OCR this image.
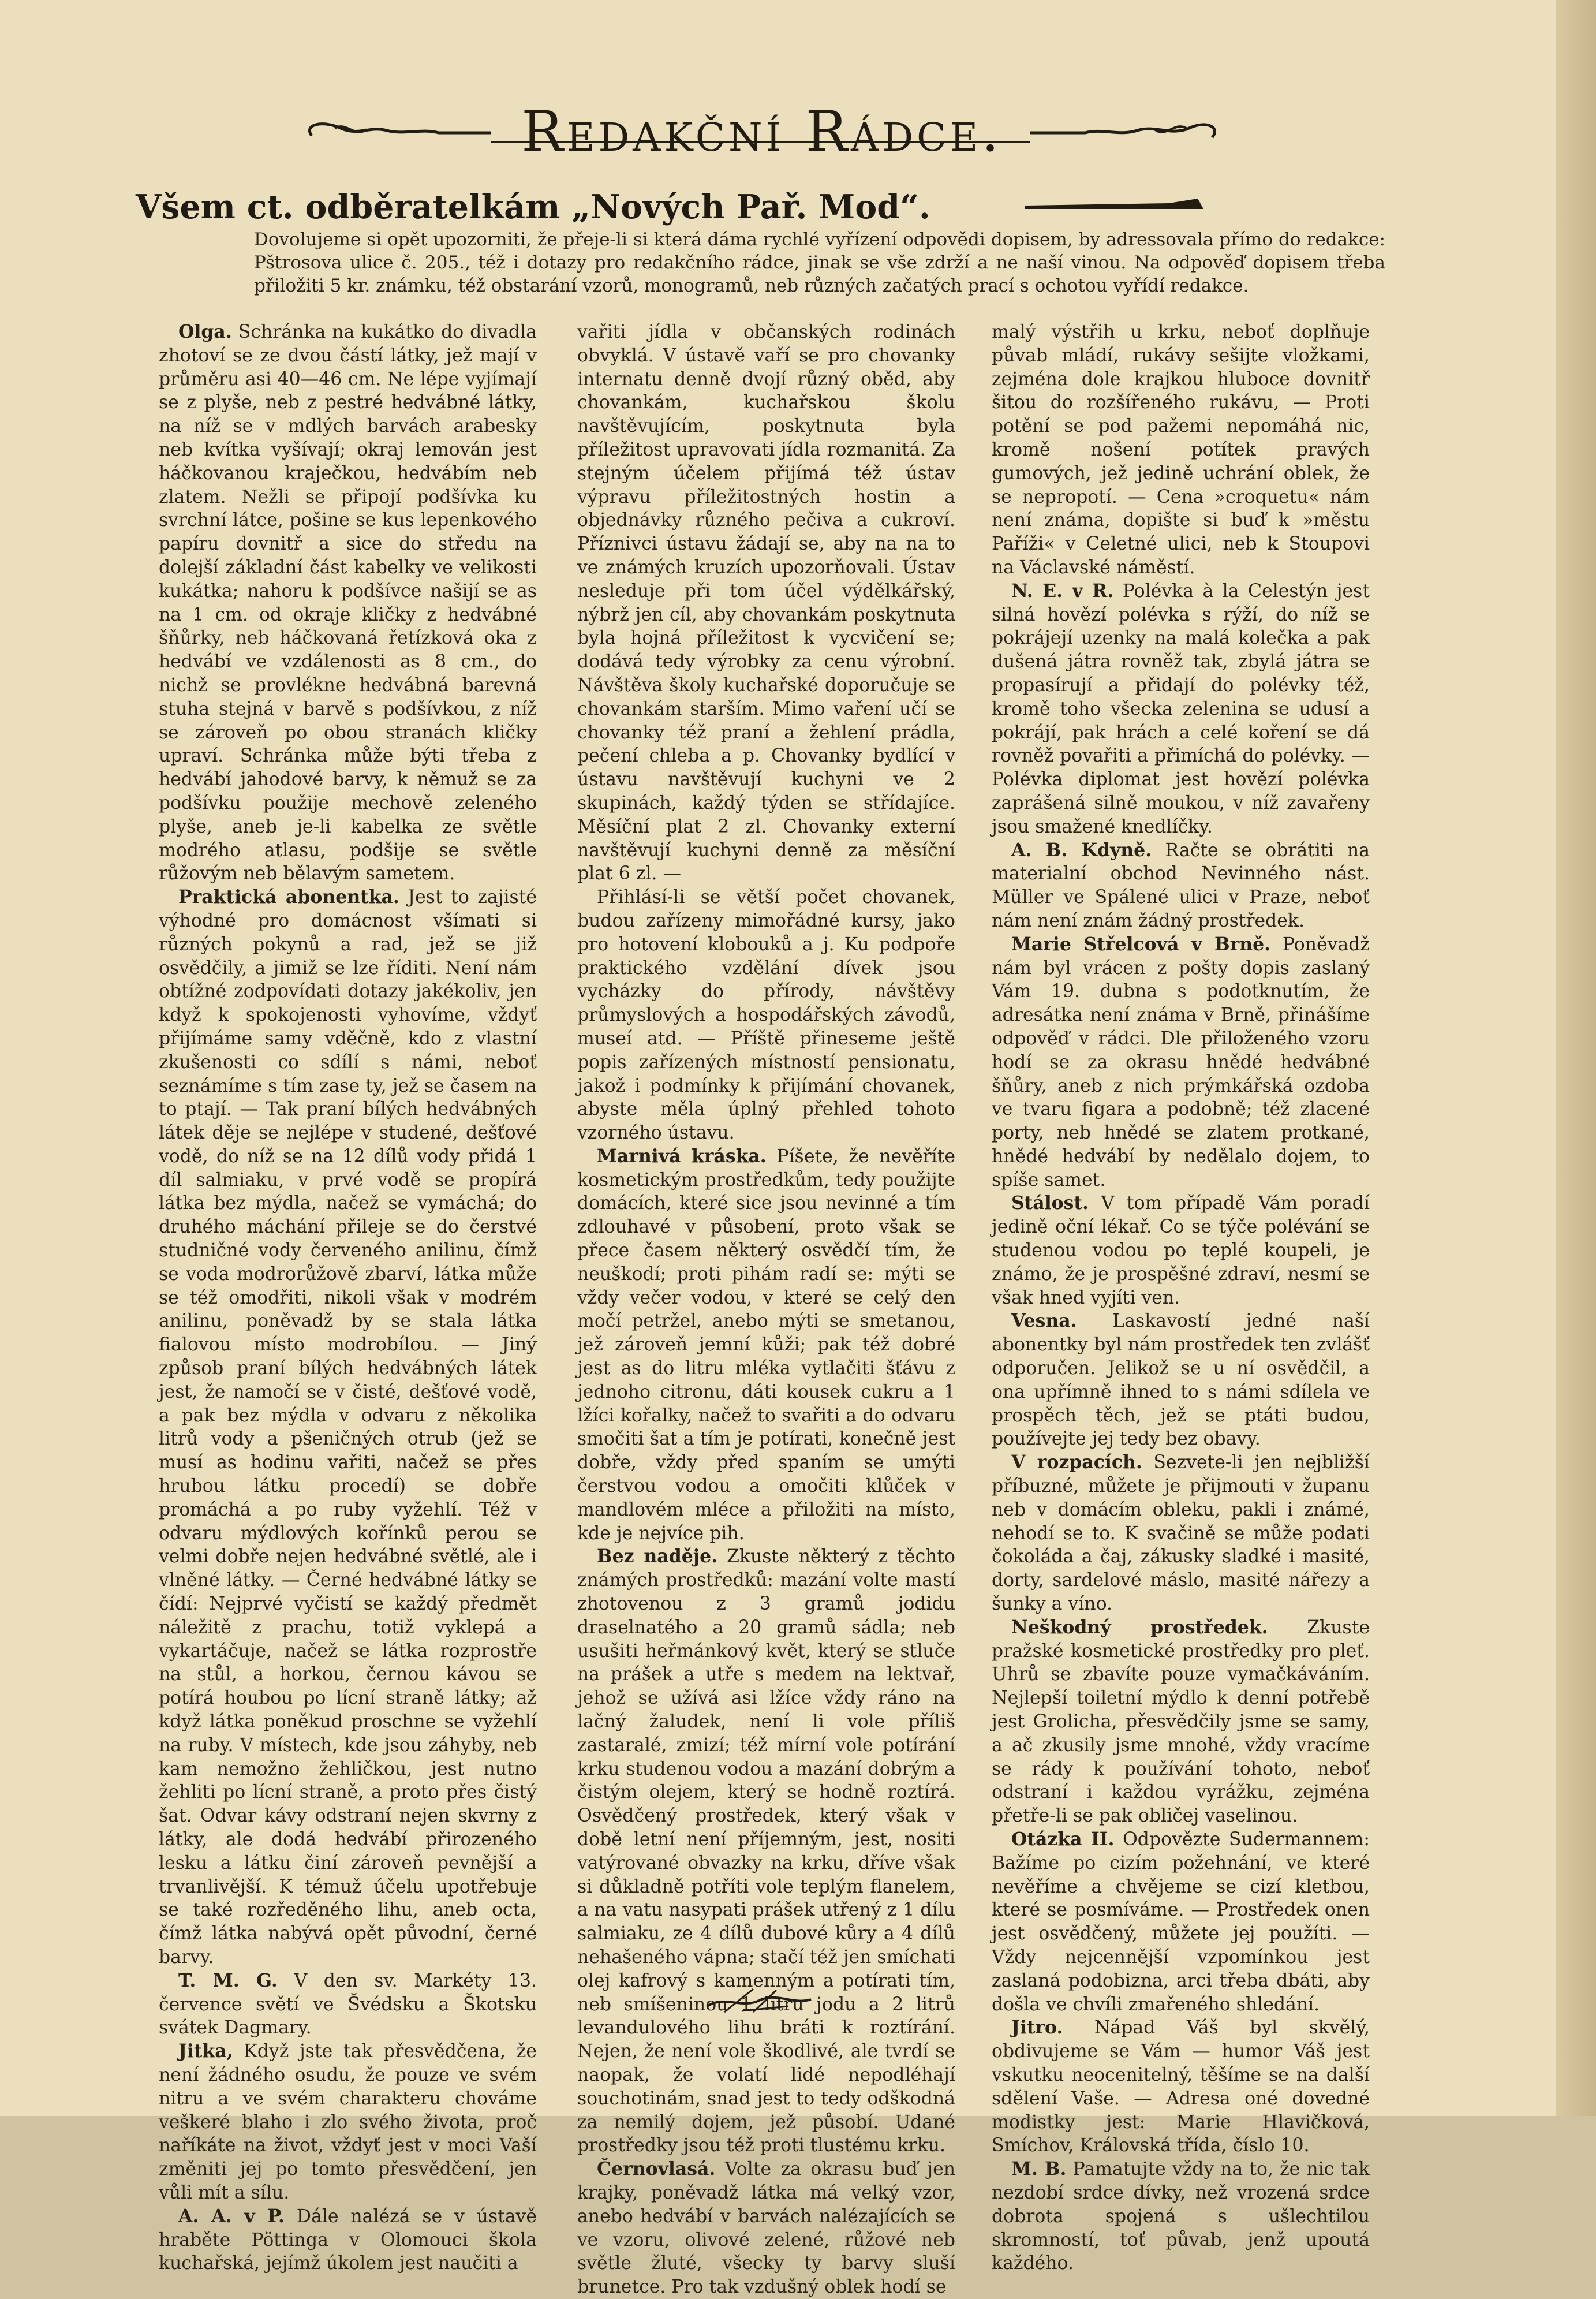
Redakční Rádce.
Všem ct. odběratelkám „Nových Pař. Mod“.

Dovolujeme si opět upozorniti, že přeje-li si která dáma rychlé vyřízení odpovědi dopisem, by adressovala přímo do redakce: Pštrosova ulice č. 205., též i dotazy pro redakčního rádce, jinak se vše zdrží a ne naší vinou. Na odpověď dopisem třeba přiložiti 5 kr. známku, též obstarání vzorů, monogramů, neb různých začatých prací s ochotou vyřídí redakce.

Olga. Schránka na kukátko do divadla zhotoví se ze dvou částí látky, jež mají v průměru asi 40—46 cm. Ne lépe vyjímají se z plyše, neb z pestré hedvábné látky, na níž se v mdlých barvách arabesky neb kvítka vyšívají; okraj lemován jest háčkovanou kraječkou, hedvábím neb zlatem. Nežli se připojí podšívka ku svrchní látce, pošine se kus lepenkového papíru dovnitř a sice do středu na dolejší základní část kabelky ve velikosti kukátka; nahoru k podšívce našijí se as na 1 cm. od okraje kličky z hedvábné šňůrky, neb háčkovaná řetízková oka z hedvábí ve vzdálenosti as 8 cm., do nichž se provlékne hedvábná barevná stuha stejná v barvě s podšívkou, z níž se zároveň po obou stranách kličky upraví. Schránka může býti třeba z hedvábí jahodové barvy, k němuž se za podšívku použije mechově zeleného plyše, aneb je-li kabelka ze světle modrého atlasu, podšije se světle růžovým neb bělavým sametem.

Praktická abonentka. Jest to zajisté výhodné pro domácnost všímati si různých pokynů a rad, jež se již osvědčily, a jimiž se lze říditi. Není nám obtížné zodpovídati dotazy jakékoliv, jen když k spokojenosti vyhovíme, vždyť přijímáme samy vděčně, kdo z vlastní zkušenosti co sdílí s námi, neboť seznámíme s tím zase ty, jež se časem na to ptají. — Tak praní bílých hedvábných látek děje se nejlépe v studené, dešťové vodě, do níž se na 12 dílů vody přidá 1 díl salmiaku, v prvé vodě se propírá látka bez mýdla, načež se vymáchá; do druhého máchání přileje se do čerstvé studničné vody červeného anilinu, čímž se voda modrorůžově zbarví, látka může se též omodřiti, nikoli však v modrém anilinu, poněvadž by se stala látka fialovou místo modrobílou. — Jiný způsob praní bílých hedvábných látek jest, že namočí se v čisté, dešťové vodě, a pak bez mýdla v odvaru z několika litrů vody a pšeničných otrub (jež se musí as hodinu vařiti, načež se přes hrubou látku procedí) se dobře promáchá a po ruby vyžehlí. Též v odvaru mýdlových kořínků perou se velmi dobře nejen hedvábné světlé, ale i vlněné látky. — Černé hedvábné látky se čídí: Nejprvé vyčistí se každý předmět náležitě z prachu, totiž vyklepá a vykartáčuje, načež se látka rozprostře na stůl, a horkou, černou kávou se potírá houbou po lícní straně látky; až když látka poněkud proschne se vyžehlí na ruby. V místech, kde jsou záhyby, neb kam nemožno žehličkou, jest nutno žehliti po lícní straně, a proto přes čistý šat. Odvar kávy odstraní nejen skvrny z látky, ale dodá hedvábí přirozeného lesku a látku činí zároveň pevnější a trvanlivější. K témuž účelu upotřebuje se také rozředěného lihu, aneb octa, čímž látka nabývá opět původní, černé barvy.

T. M. G. V den sv. Markéty 13. července světí ve Švédsku a Škotsku svátek Dagmary.

Jitka, Když jste tak přesvědčena, že není žádného osudu, že pouze ve svém nitru a ve svém charakteru chováme veškeré blaho i zlo svého života, proč naříkáte na život, vždyť jest v moci Vaší změniti jej po tomto přesvědčení, jen vůli mít a sílu.

A. A. v P. Dále nalézá se v ústavě hraběte Pöttinga v Olomouci škola kuchařská, jejímž úkolem jest naučiti a

vařiti jídla v občanských rodinách obvyklá. V ústavě vaří se pro chovanky internatu denně dvojí různý oběd, aby chovankám, kuchařskou školu navštěvujícím, poskytnuta byla příležitost upravovati jídla rozmanitá. Za stejným účelem přijímá též ústav výpravu příležitostných hostin a objednávky různého pečiva a cukroví. Příznivci ústavu žádají se, aby na na to ve známých kruzích upozorňovali. Ústav nesleduje při tom účel výdělkářský, nýbrž jen cíl, aby chovankám poskytnuta byla hojná příležitost k vycvičení se; dodává tedy výrobky za cenu výrobní. Návštěva školy kuchařské doporučuje se chovankám starším. Mimo vaření učí se chovanky též praní a žehlení prádla, pečení chleba a p. Chovanky bydlící v ústavu navštěvují kuchyni ve 2 skupinách, každý týden se střídajíce. Měsíční plat 2 zl. Chovanky externí navštěvují kuchyni denně za měsíční plat 6 zl. —

Přihlásí-li se větší počet chovanek, budou zařízeny mimořádné kursy, jako pro hotovení klobouků a j. Ku podpoře praktického vzdělání dívek jsou vycházky do přírody, návštěvy průmyslových a hospodářských závodů, museí atd. — Příště přineseme ještě popis zařízených místností pensionatu, jakož i podmínky k přijímání chovanek, abyste měla úplný přehled tohoto vzorného ústavu.

Marnivá kráska. Píšete, že nevěříte kosmetickým prostředkům, tedy použijte domácích, které sice jsou nevinné a tím zdlouhavé v působení, proto však se přece časem některý osvědčí tím, že neuškodí; proti pihám radí se: mýti se vždy večer vodou, v které se celý den močí petržel, anebo mýti se smetanou, jež zároveň jemní kůži; pak též dobré jest as do litru mléka vytlačiti šťávu z jednoho citronu, dáti kousek cukru a 1 lžíci kořalky, načež to svařiti a do odvaru smočiti šat a tím je potírati, konečně jest dobře, vždy před spaním se umýti čerstvou vodou a omočiti klůček v mandlovém mléce a přiložiti na místo, kde je nejvíce pih.

Bez naděje. Zkuste některý z těchto známých prostředků: mazání volte mastí zhotovenou z 3 gramů jodidu draselnatého a 20 gramů sádla; neb usušiti heřmánkový květ, který se stluče na prášek a utře s medem na lektvař, jehož se užívá asi lžíce vždy ráno na lačný žaludek, není li vole příliš zastaralé, zmizí; též mírní vole potírání krku studenou vodou a mazání dobrým a čistým olejem, který se hodně roztírá. Osvědčený prostředek, který však v době letní není příjemným, jest, nositi vatýrované obvazky na krku, dříve však si důkladně potříti vole teplým flanelem, a na vatu nasypati prášek utřený z 1 dílu salmiaku, ze 4 dílů dubové kůry a 4 dílů nehašeného vápna; stačí též jen smíchati olej kafrový s kamenným a potírati tím, neb smíšeninou 1 litru jodu a 2 litrů levandulového lihu bráti k roztírání. Nejen, že není vole škodlivé, ale tvrdí se naopak, že volatí lidé nepodléhají souchotinám, snad jest to tedy odškodná za nemilý dojem, jež působí. Udané prostředky jsou též proti tlustému krku.

Černovlasá. Volte za okrasu buď jen krajky, poněvadž látka má velký vzor, anebo hedvábí v barvách nalézajících se ve vzoru, olivové zelené, růžové neb světle žluté, všecky ty barvy sluší brunetce. Pro tak vzdušný oblek hodí se

malý výstřih u krku, neboť doplňuje půvab mládí, rukávy sešijte vložkami, zejména dole krajkou hluboce dovnitř šitou do rozšířeného rukávu, — Proti potění se pod pažemi nepomáhá nic, kromě nošení potítek pravých gumových, jež jedině uchrání oblek, že se nepropotí. — Cena »croquetu« nám není známa, dopište si buď k »městu Paříži« v Celetné ulici, neb k Stoupovi na Václavské náměstí.

N. E. v R. Polévka à la Celestýn jest silná hovězí polévka s rýží, do níž se pokrájejí uzenky na malá kolečka a pak dušená játra rovněž tak, zbylá játra se propasírují a přidají do polévky též, kromě toho všecka zelenina se udusí a pokrájí, pak hrách a celé koření se dá rovněž povařiti a přimíchá do polévky. — Polévka diplomat jest hovězí polévka zaprášená silně moukou, v níž zavařeny jsou smažené knedlíčky.

A. B. Kdyně. Račte se obrátiti na materialní obchod Nevinného nást. Müller ve Spálené ulici v Praze, neboť nám není znám žádný prostředek.

Marie Střelcová v Brně. Poněvadž nám byl vrácen z pošty dopis zaslaný Vám 19. dubna s podotknutím, že adresátka není známa v Brně, přinášíme odpověď v rádci. Dle přiloženého vzoru hodí se za okrasu hnědé hedvábné šňůry, aneb z nich prýmkářská ozdoba ve tvaru figara a podobně; též zlacené porty, neb hnědé se zlatem protkané, hnědé hedvábí by nedělalo dojem, to spíše samet.

Stálost. V tom případě Vám poradí jedině oční lékař. Co se týče polévání se studenou vodou po teplé koupeli, je známo, že je prospěšné zdraví, nesmí se však hned vyjíti ven.

Vesna. Laskavostí jedné naší abonentky byl nám prostředek ten zvlášť odporučen. Jelikož se u ní osvědčil, a ona upřímně ihned to s námi sdílela ve prospěch těch, jež se ptáti budou, používejte jej tedy bez obavy.

V rozpacích. Sezvete-li jen nejbližší příbuzné, můžete je přijmouti v županu neb v domácím obleku, pakli i známé, nehodí se to. K svačině se může podati čokoláda a čaj, zákusky sladké i masité, dorty, sardelové máslo, masité nářezy a šunky a víno.

Neškodný prostředek. Zkuste pražské kosmetické prostředky pro pleť. Uhrů se zbavíte pouze vymačkáváním. Nejlepší toiletní mýdlo k denní potřebě jest Grolicha, přesvědčily jsme se samy, a ač zkusily jsme mnohé, vždy vracíme se rády k používání tohoto, neboť odstraní i každou vyrážku, zejména přetře-li se pak obličej vaselinou.

Otázka II. Odpovězte Sudermannem: Bažíme po cizím požehnání, ve které nevěříme a chvějeme se cizí kletbou, které se posmíváme. — Prostředek onen jest osvědčený, můžete jej použíti. — Vždy nejcennější vzpomínkou jest zaslaná podobizna, arci třeba dbáti, aby došla ve chvíli zmařeného shledání.

Jitro. Nápad Váš byl skvělý, obdivujeme se Vám — humor Váš jest vskutku neocenitelný, těšíme se na další sdělení Vaše. — Adresa oné dovedné modistky jest: Marie Hlavičková, Smíchov, Královská třída, číslo 10.

M. B. Pamatujte vždy na to, že nic tak nezdobí srdce dívky, než vrozená srdce dobrota spojená s ušlechtilou skromností, toť půvab, jenž upoutá každého.
